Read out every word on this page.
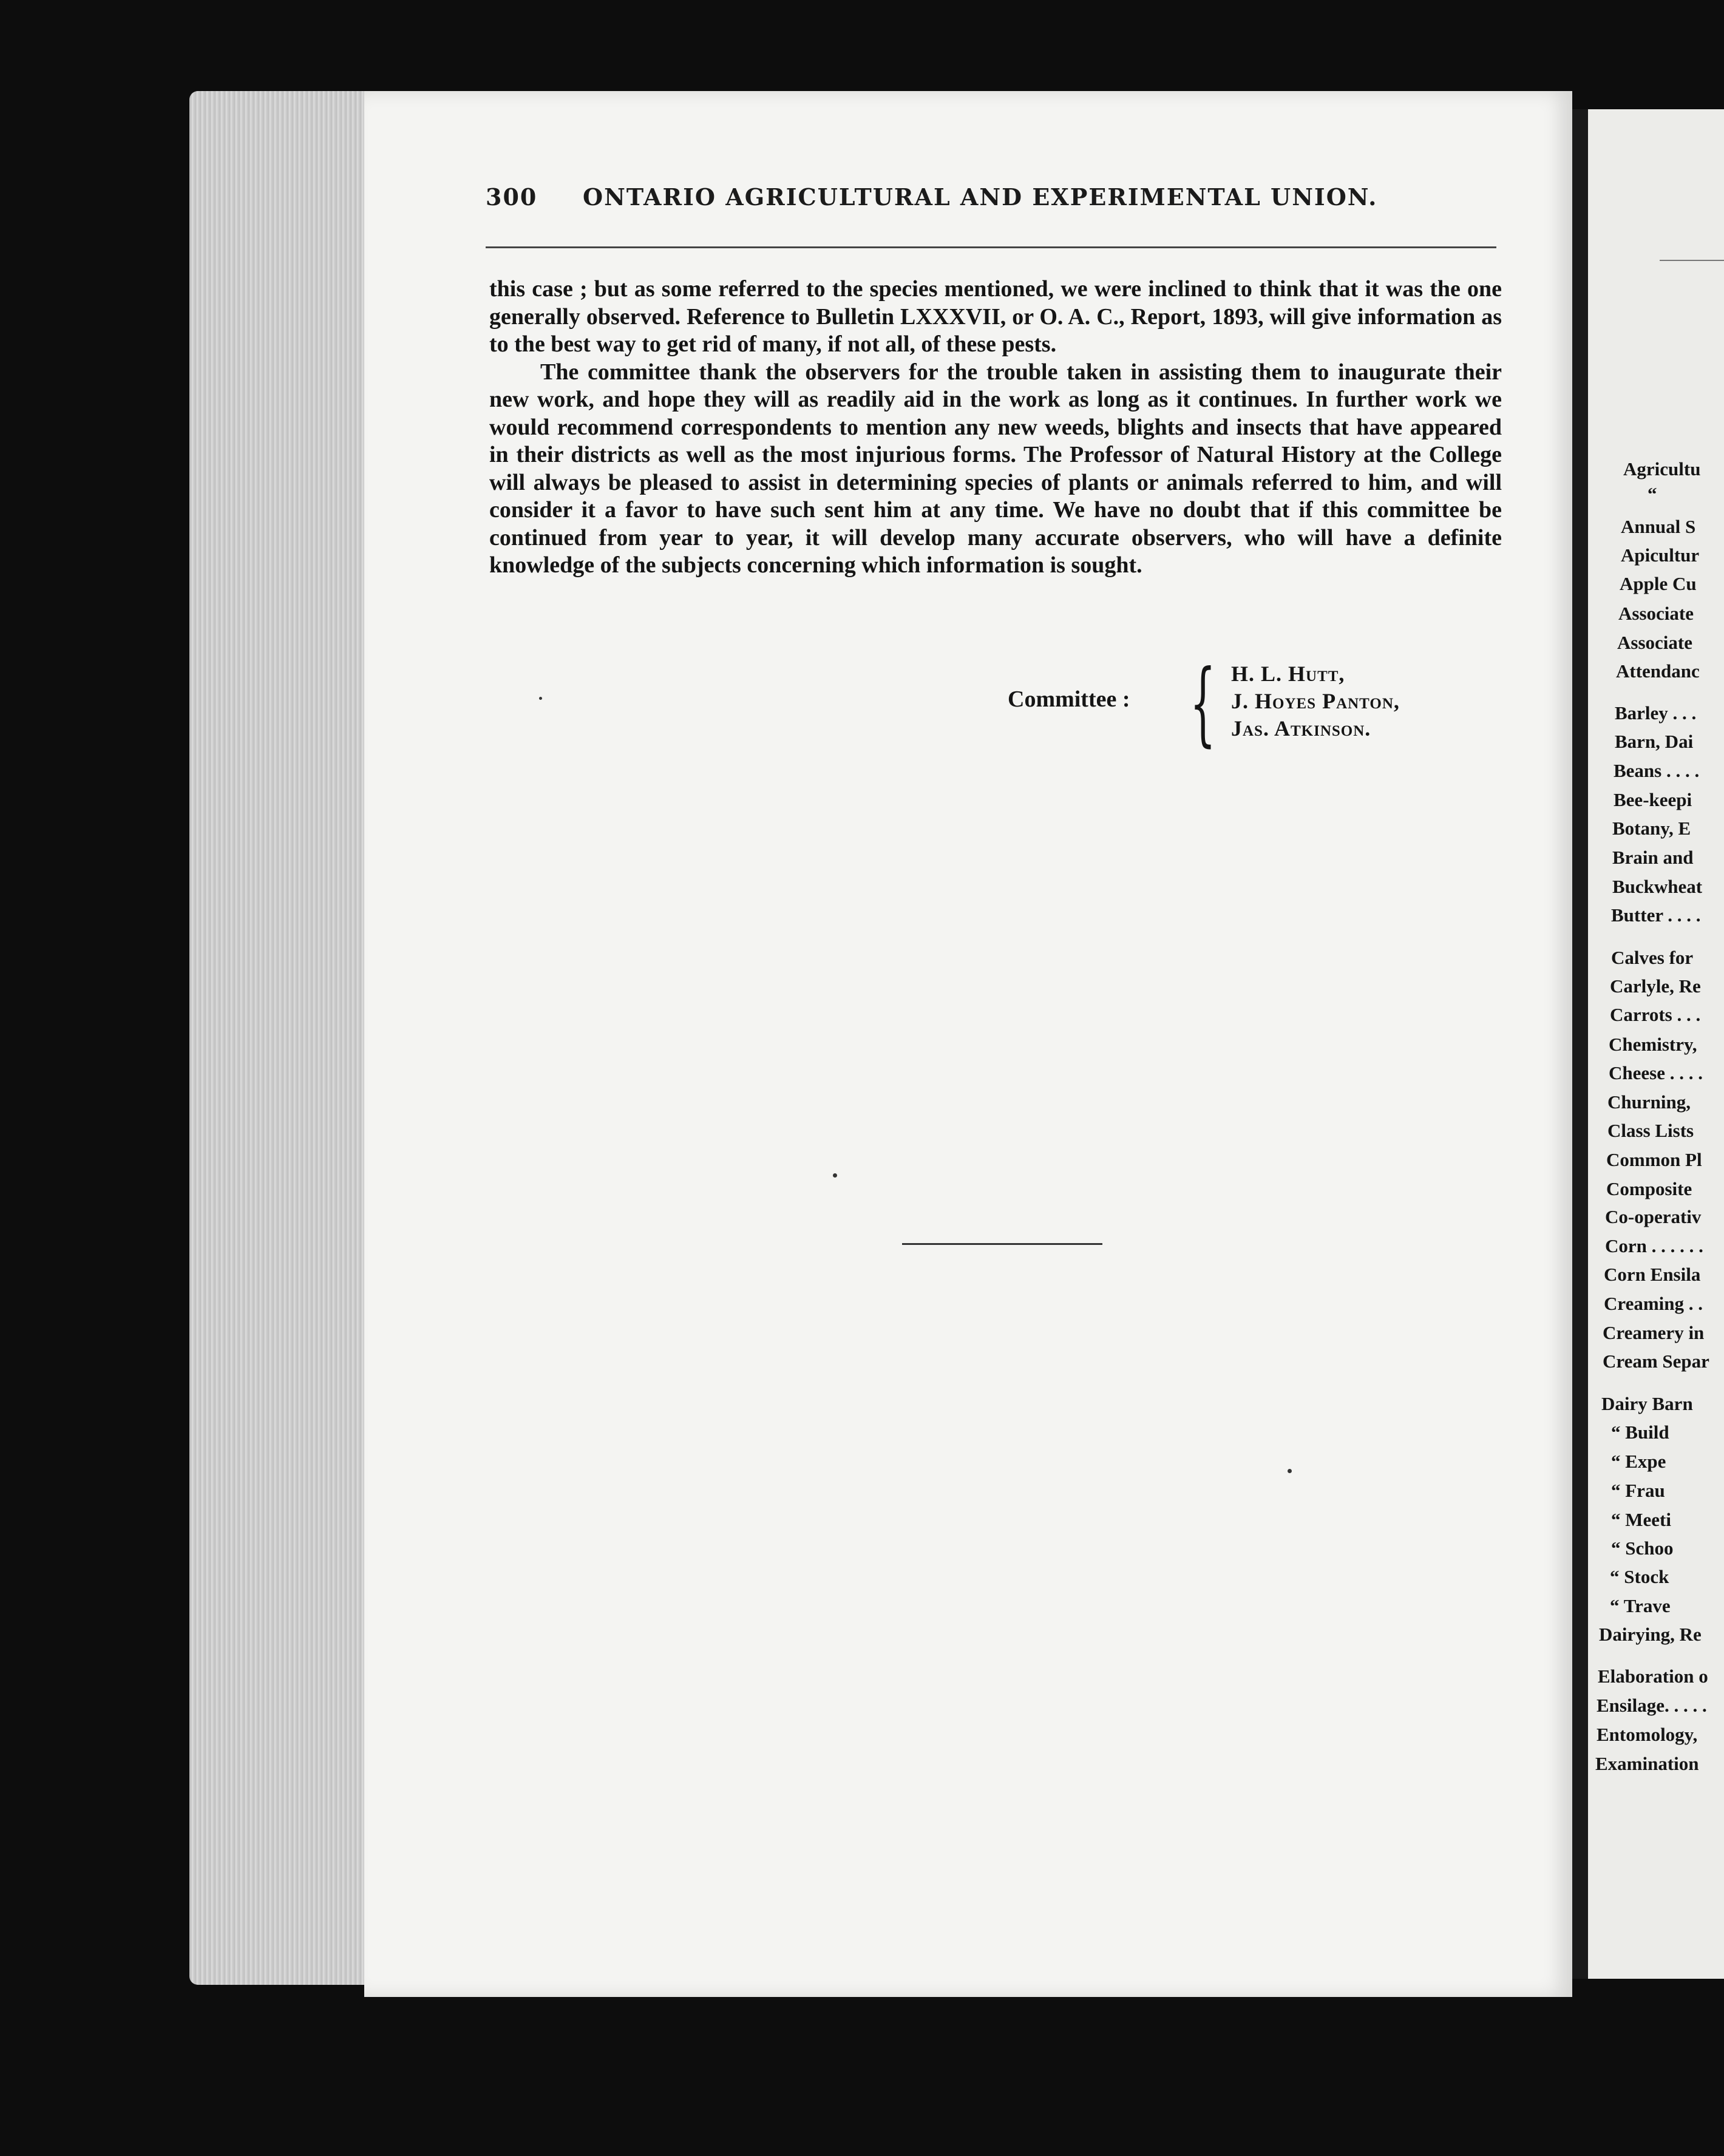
300 ONTARIO AGRICULTURAL AND EXPERIMENTAL UNION.

this case ; but as some referred to the species mentioned, we were inclined to think that it was the one generally observed. Reference to Bulletin LXXXVII, or O. A. C., Report, 1893, will give information as to the best way to get rid of many, if not all, of these pests.

The committee thank the observers for the trouble taken in assisting them to inaugurate their new work, and hope they will as readily aid in the work as long as it continues. In further work we would recommend correspondents to mention any new weeds, blights and insects that have appeared in their districts as well as the most injurious forms. The Professor of Natural History at the College will always be pleased to assist in determining species of plants or animals referred to him, and will consider it a favor to have such sent him at any time. We have no doubt that if this committee be continued from year to year, it will develop many accurate observers, who will have a definite knowledge of the subjects concerning which information is sought.

Committee : { H. L. Hutt,
J. Hoyes Panton,
Jas. Atkinson.
Agricultu
“
Annual S
Apicultur
Apple Cu
Associate
Associate
Attendanc
Barley . . .
Barn, Dai
Beans . . . .
Bee-keepi
Botany, E
Brain and
Buckwheat
Butter . . . .
Calves for
Carlyle, Re
Carrots . . .
Chemistry,
Cheese . . . .
Churning,
Class Lists
Common Pl
Composite
Co-operativ
Corn . . . . . .
Corn Ensila
Creaming . .
Creamery in
Cream Separ
Dairy Barn
“ Build
“ Expe
“ Frau
“ Meeti
“ Schoo
“ Stock
“ Trave
Dairying, Re
Elaboration o
Ensilage. . . . .
Entomology,
Examination
